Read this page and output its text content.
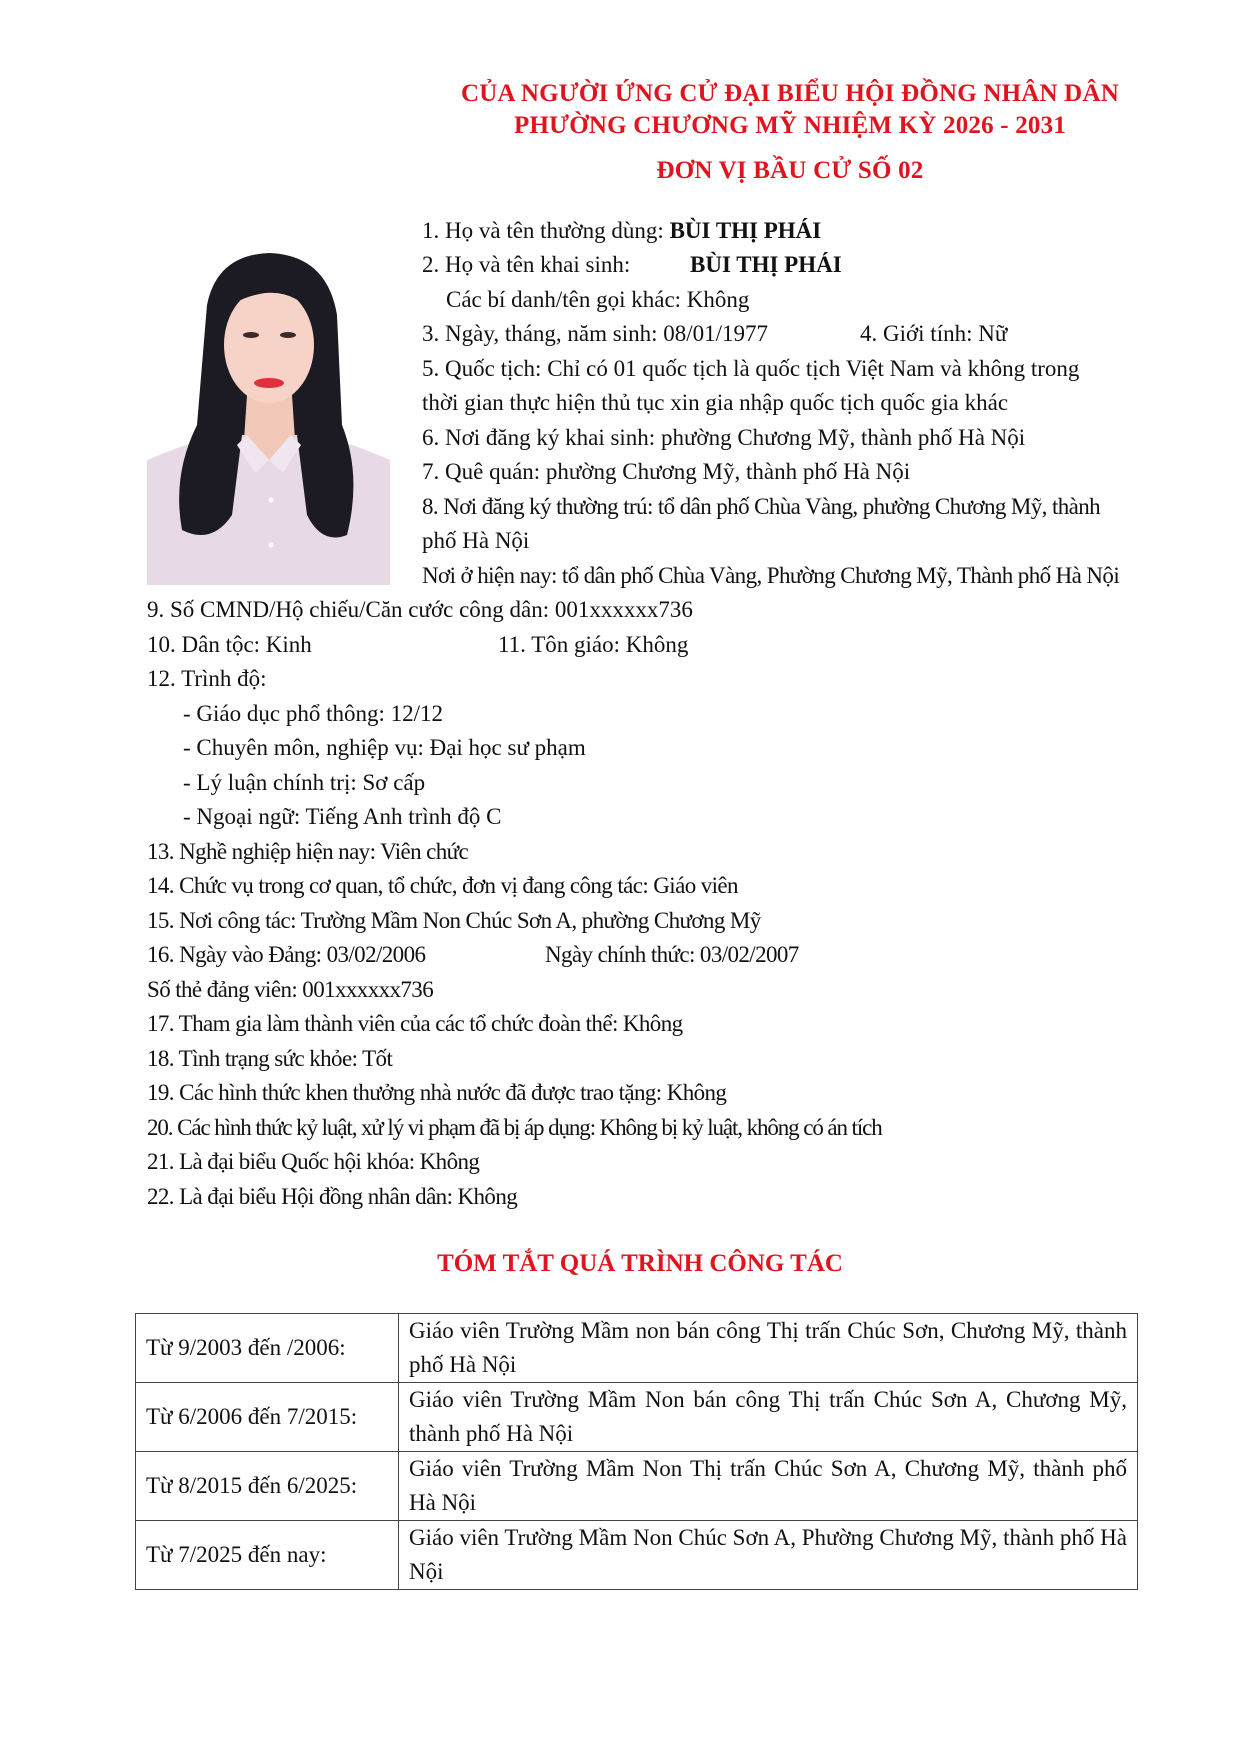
CỦA NGƯỜI ỨNG CỬ ĐẠI BIỂU HỘI ĐỒNG NHÂN DÂN
PHƯỜNG CHƯƠNG MỸ NHIỆM KỲ 2026 - 2031
ĐƠN VỊ BẦU CỬ SỐ 02
1. Họ và tên thường dùng: BÙI THỊ PHÁI
2. Họ và tên khai sinh:	BÙI THỊ PHÁI
Các bí danh/tên gọi khác: Không
3. Ngày, tháng, năm sinh: 08/01/1977	4. Giới tính: Nữ
5. Quốc tịch: Chỉ có 01 quốc tịch là quốc tịch Việt Nam và không trong
thời gian thực hiện thủ tục xin gia nhập quốc tịch quốc gia khác
6. Nơi đăng ký khai sinh: phường Chương Mỹ, thành phố Hà Nội
7. Quê quán: phường Chương Mỹ, thành phố Hà Nội
8. Nơi đăng ký thường trú: tổ dân phố Chùa Vàng, phường Chương Mỹ, thành
phố Hà Nội
Nơi ở hiện nay: tổ dân phố Chùa Vàng, Phường Chương Mỹ, Thành phố Hà Nội
9. Số CMND/Hộ chiếu/Căn cước công dân: 001xxxxxx736
10. Dân tộc: Kinh	11. Tôn giáo: Không
12. Trình độ:
- Giáo dục phổ thông: 12/12
- Chuyên môn, nghiệp vụ: Đại học sư phạm
- Lý luận chính trị: Sơ cấp
- Ngoại ngữ: Tiếng Anh trình độ C
13. Nghề nghiệp hiện nay: Viên chức
14. Chức vụ trong cơ quan, tổ chức, đơn vị đang công tác: Giáo viên
15. Nơi công tác: Trường Mầm Non Chúc Sơn A, phường Chương Mỹ
16. Ngày vào Đảng: 03/02/2006	Ngày chính thức: 03/02/2007
Số thẻ đảng viên: 001xxxxxx736
17. Tham gia làm thành viên của các tổ chức đoàn thể: Không
18. Tình trạng sức khỏe: Tốt
19. Các hình thức khen thưởng nhà nước đã được trao tặng: Không
20. Các hình thức kỷ luật, xử lý vi phạm đã bị áp dụng: Không bị kỷ luật, không có án tích
21. Là đại biểu Quốc hội khóa: Không
22. Là đại biểu Hội đồng nhân dân: Không
TÓM TẮT QUÁ TRÌNH CÔNG TÁC
Từ 9/2003 đến /2006:	Giáo viên Trường Mầm non bán công Thị trấn Chúc Sơn, Chương Mỹ, thành phố Hà Nội
Từ 6/2006 đến 7/2015:	Giáo viên Trường Mầm Non bán công Thị trấn Chúc Sơn A, Chương Mỹ, thành phố Hà Nội
Từ 8/2015 đến 6/2025:	Giáo viên Trường Mầm Non Thị trấn Chúc Sơn A, Chương Mỹ, thành phố Hà Nội
Từ 7/2025 đến nay:	Giáo viên Trường Mầm Non Chúc Sơn A, Phường Chương Mỹ, thành phố Hà Nội
